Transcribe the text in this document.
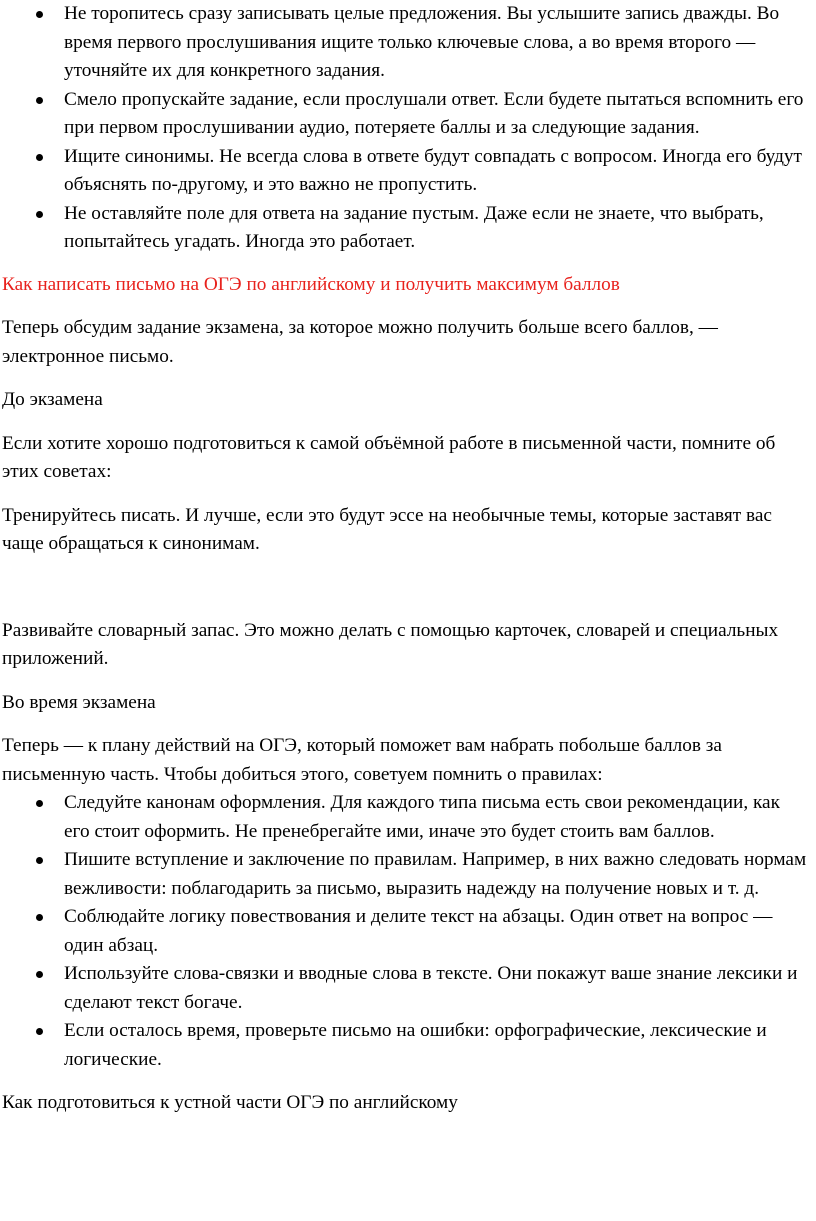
Не торопитесь сразу записывать целые предложения. Вы услышите запись дважды. Во время первого прослушивания ищите только ключевые слова, а во время второго — уточняйте их для конкретного задания.
Смело пропускайте задание, если прослушали ответ. Если будете пытаться вспомнить его при первом прослушивании аудио, потеряете баллы и за следующие задания.
Ищите синонимы. Не всегда слова в ответе будут совпадать с вопросом. Иногда его будут объяснять по-другому, и это важно не пропустить.
Не оставляйте поле для ответа на задание пустым. Даже если не знаете, что выбрать, попытайтесь угадать. Иногда это работает.

Как написать письмо на ОГЭ по английскому и получить максимум баллов

Теперь обсудим задание экзамена, за которое можно получить больше всего баллов, — электронное письмо.

До экзамена

Если хотите хорошо подготовиться к самой объёмной работе в письменной части, помните об этих советах:

Тренируйтесь писать. И лучше, если это будут эссе на необычные темы, которые заставят вас чаще обращаться к синонимам.

Развивайте словарный запас. Это можно делать с помощью карточек, словарей и специальных приложений.

Во время экзамена

Теперь — к плану действий на ОГЭ, который поможет вам набрать побольше баллов за письменную часть. Чтобы добиться этого, советуем помнить о правилах:

Следуйте канонам оформления. Для каждого типа письма есть свои рекомендации, как его стоит оформить. Не пренебрегайте ими, иначе это будет стоить вам баллов.
Пишите вступление и заключение по правилам. Например, в них важно следовать нормам вежливости: поблагодарить за письмо, выразить надежду на получение новых и т. д.
Соблюдайте логику повествования и делите текст на абзацы. Один ответ на вопрос — один абзац.
Используйте слова-связки и вводные слова в тексте. Они покажут ваше знание лексики и сделают текст богаче.
Если осталось время, проверьте письмо на ошибки: орфографические, лексические и логические.

Как подготовиться к устной части ОГЭ по английскому
